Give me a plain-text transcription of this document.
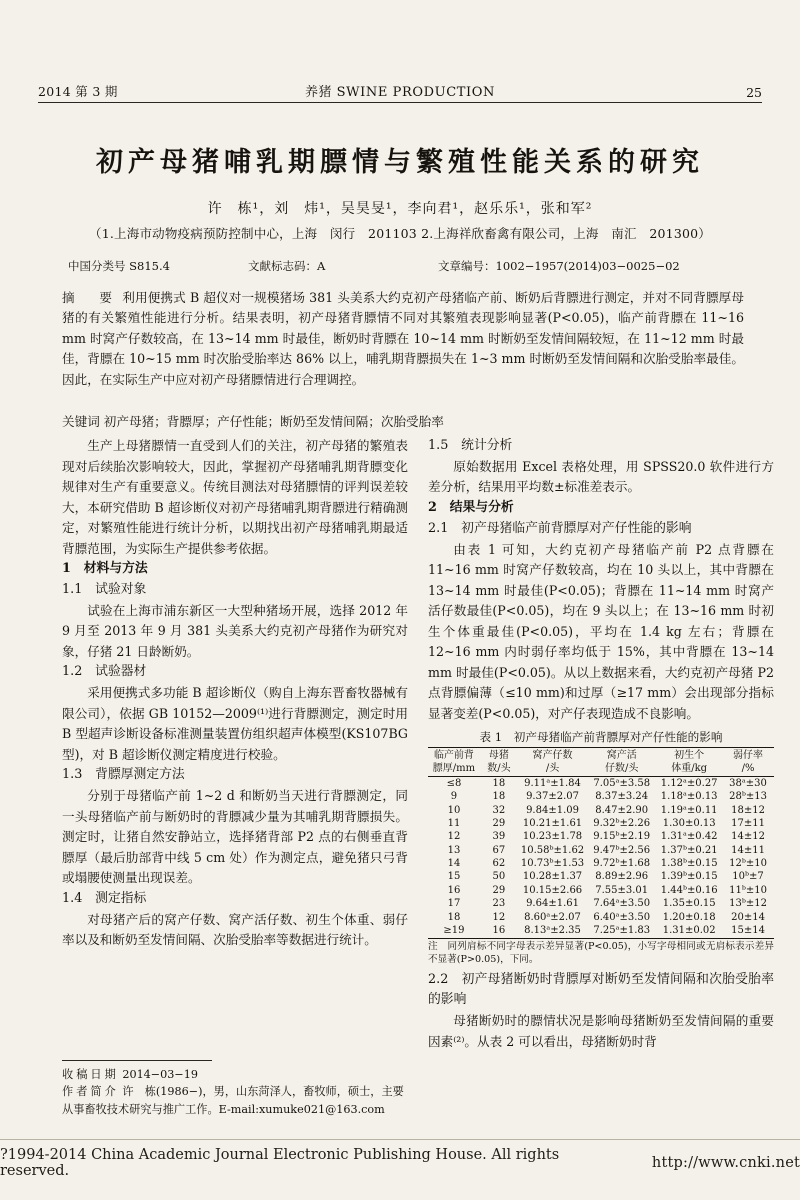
2014 第 3 期	养猪 SWINE PRODUCTION	25
初产母猪哺乳期膘情与繁殖性能关系的研究
许　栋¹，刘　炜¹，吴昊旻¹，李向君¹，赵乐乐¹，张和军²
（1.上海市动物疫病预防控制中心，上海　闵行　201103 2.上海祥欣畜禽有限公司，上海　南汇　201300）
中国分类号 S815.4	文献标志码：A	文章编号：1002−1957(2014)03−0025−02
摘　要 利用便携式 B 超仪对一规模猪场 381 头美系大约克初产母猪临产前、断奶后背膘进行测定，并对不同背膘厚母猪的有关繁殖性能进行分析。结果表明，初产母猪背膘情不同对其繁殖表现影响显著(P<0.05)，临产前背膘在 11~16 mm 时窝产仔数较高，在 13~14 mm 时最佳，断奶时背膘在 10~14 mm 时断奶至发情间隔较短，在 11~12 mm 时最佳，背膘在 10~15 mm 时次胎受胎率达 86% 以上，哺乳期背膘损失在 1~3 mm 时断奶至发情间隔和次胎受胎率最佳。因此，在实际生产中应对初产母猪膘情进行合理调控。
关键词 初产母猪；背膘厚；产仔性能；断奶至发情间隔；次胎受胎率

生产上母猪膘情一直受到人们的关注，初产母猪的繁殖表现对后续胎次影响较大，因此，掌握初产母猪哺乳期背膘变化规律对生产有重要意义。传统目测法对母猪膘情的评判误差较大，本研究借助 B 超诊断仪对初产母猪哺乳期背膘进行精确测定，对繁殖性能进行统计分析，以期找出初产母猪哺乳期最适背膘范围，为实际生产提供参考依据。

1　材料与方法

1.1　试验对象

试验在上海市浦东新区一大型种猪场开展，选择 2012 年 9 月至 2013 年 9 月 381 头美系大约克初产母猪作为研究对象，仔猪 21 日龄断奶。

1.2　试验器材

采用便携式多功能 B 超诊断仪（购自上海东晋畜牧器械有限公司），依据 GB 10152—2009⁽¹⁾进行背膘测定，测定时用 B 型超声诊断设备标准测量装置仿组织超声体模型(KS107BG 型)，对 B 超诊断仪测定精度进行校验。

1.3　背膘厚测定方法

分别于母猪临产前 1~2 d 和断奶当天进行背膘测定，同一头母猪临产前与断奶时的背膘减少量为其哺乳期背膘损失。测定时，让猪自然安静站立，选择猪背部 P2 点的右侧垂直背膘厚（最后肋部背中线 5 cm 处）作为测定点，避免猪只弓背或塌腰使测量出现误差。

1.4　测定指标

对母猪产后的窝产仔数、窝产活仔数、初生个体重、弱仔率以及和断奶至发情间隔、次胎受胎率等数据进行统计。

1.5　统计分析

原始数据用 Excel 表格处理，用 SPSS20.0 软件进行方差分析，结果用平均数±标准差表示。

2　结果与分析

2.1　初产母猪临产前背膘厚对产仔性能的影响

由表 1 可知，大约克初产母猪临产前 P2 点背膘在 11~16 mm 时窝产仔数较高，均在 10 头以上，其中背膘在 13~14 mm 时最佳(P<0.05)；背膘在 11~14 mm 时窝产活仔数最佳(P<0.05)，均在 9 头以上；在 13~16 mm 时初生个体重最佳(P<0.05)，平均在 1.4 kg 左右；背膘在 12~16 mm 内时弱仔率均低于 15%，其中背膘在 13~14 mm 时最佳(P<0.05)。从以上数据来看，大约克初产母猪 P2 点背膘偏薄（≤10 mm)和过厚（≥17 mm）会出现部分指标显著变差(P<0.05)，对产仔表现造成不良影响。

表 1　初产母猪临产前背膘厚对产仔性能的影响
临产前背	母猪	窝产仔数	窝产活	初生个	弱仔率
膘厚/mm	数/头	/头	仔数/头	体重/kg	/%
≤8	18	9.11ᵃ±1.84	7.05ᵃ±3.58	1.12ᵃ±0.27	38ᵃ±30
9	18	9.37±2.07	8.37±3.24	1.18ᵃ±0.13	28ᵇ±13
10	32	9.84±1.09	8.47±2.90	1.19ᵃ±0.11	18±12
11	29	10.21±1.61	9.32ᵇ±2.26	1.30±0.13	17±11
12	39	10.23±1.78	9.15ᵇ±2.19	1.31ᵃ±0.42	14±12
13	67	10.58ᵇ±1.62	9.47ᵇ±2.56	1.37ᵇ±0.21	14±11
14	62	10.73ᵇ±1.53	9.72ᵇ±1.68	1.38ᵇ±0.15	12ᵇ±10
15	50	10.28±1.37	8.89±2.96	1.39ᵇ±0.15	10ᵇ±7
16	29	10.15±2.66	7.55±3.01	1.44ᵇ±0.16	11ᵇ±10
17	23	9.64±1.61	7.64ᵃ±3.50	1.35±0.15	13ᵇ±12
18	12	8.60ᵃ±2.07	6.40ᵃ±3.50	1.20±0.18	20±14
≥19	16	8.13ᵃ±2.35	7.25ᵃ±1.83	1.31±0.02	15±14
注　同列肩标不同字母表示差异显著(P<0.05)，小写字母相同或无肩标表示差异不显著(P>0.05)，下同。

2.2　初产母猪断奶时背膘厚对断奶至发情间隔和次胎受胎率的影响

母猪断奶时的膘情状况是影响母猪断奶至发情间隔的重要因素⁽²⁾。从表 2 可以看出，母猪断奶时背

收稿日期 2014−03−19
作者简介 许　栋(1986−)，男，山东菏泽人，畜牧师，硕士，主要从事畜牧技术研究与推广工作。E-mail:xumuke021@163.com
?1994-2014 China Academic Journal Electronic Publishing House. All rights reserved.	http://www.cnki.net
